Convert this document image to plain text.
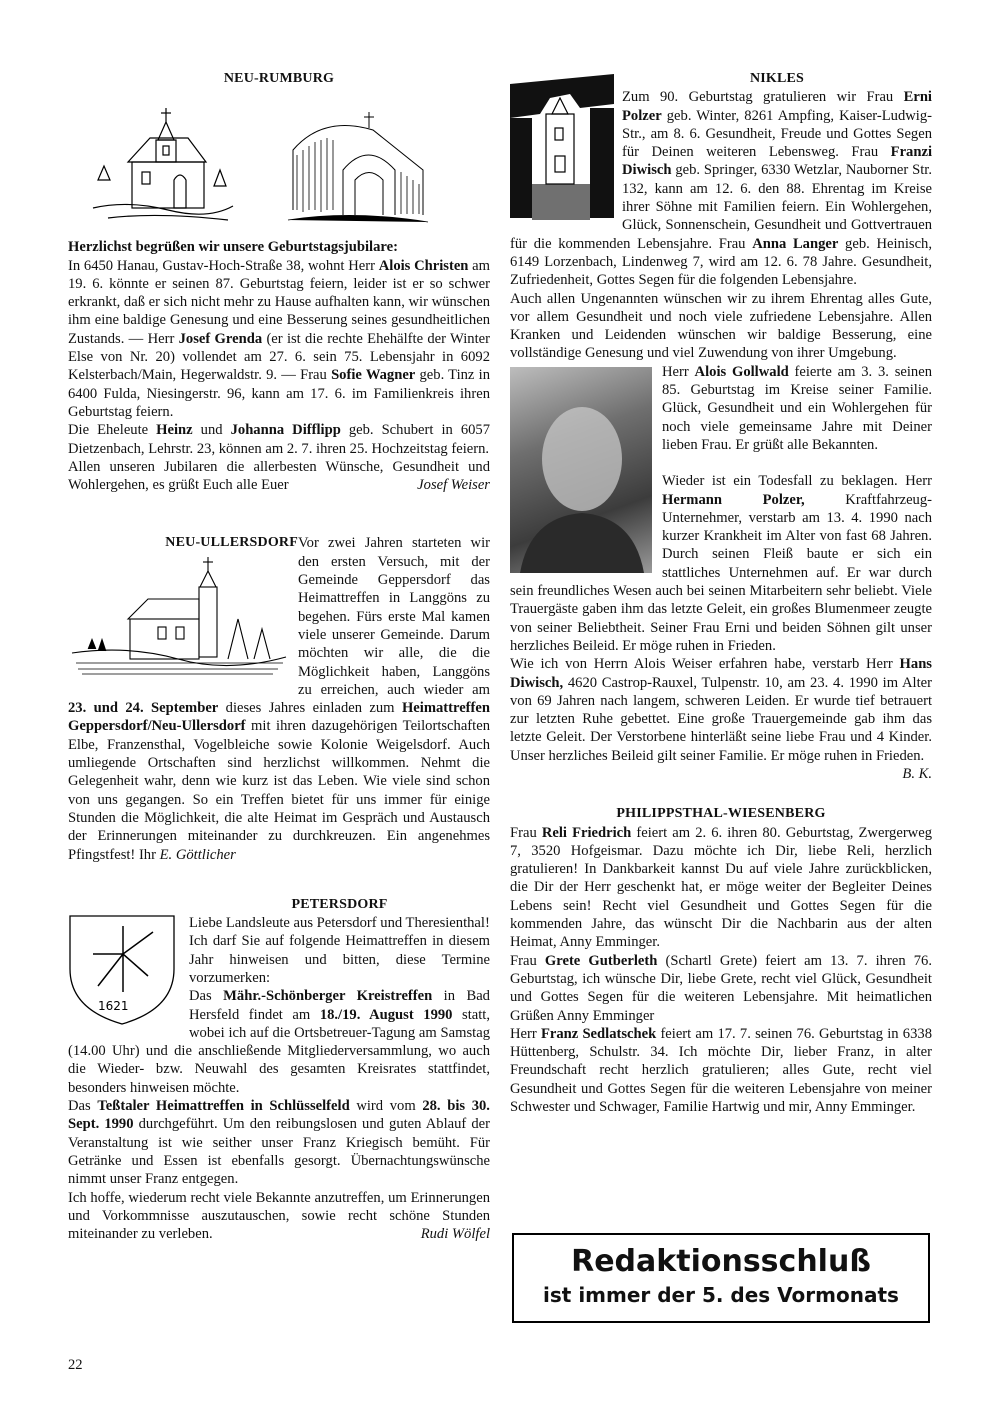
NEU-RUMBURG
Herzlichst begrüßen wir unsere Geburtstagsjubilare:

In 6450 Hanau, Gustav-Hoch-Straße 38, wohnt Herr Alois Christen am 19. 6. könnte er seinen 87. Geburtstag feiern, leider ist er so schwer erkrankt, daß er sich nicht mehr zu Hause aufhalten kann, wir wünschen ihm eine baldige Genesung und eine Besserung seines gesundheitlichen Zustands. — Herr Josef Grenda (er ist die rechte Ehehälfte der Winter Else von Nr. 20) vollendet am 27. 6. sein 75. Lebensjahr in 6092 Kelsterbach/Main, Hegerwaldstr. 9. — Frau Sofie Wagner geb. Tinz in 6400 Fulda, Niesingerstr. 96, kann am 17. 6. im Familienkreis ihren Geburtstag feiern.

Die Eheleute Heinz und Johanna Difflipp geb. Schubert in 6057 Dietzenbach, Lehrstr. 23, können am 2. 7. ihren 25. Hochzeitstag feiern.

Allen unseren Jubilaren die allerbesten Wünsche, Gesundheit und Wohlergehen, es grüßt Euch alle Euer	Josef Weiser

NEU-ULLERSDORF Vor zwei Jahren starteten wir den ersten Versuch, mit der Gemeinde Geppersdorf das Heimattreffen in Langgöns zu begehen. Fürs erste Mal kamen viele unserer Gemeinde. Darum möchten wir alle, die die Möglichkeit haben, Langgöns zu erreichen, auch wieder am 23. und 24. September dieses Jahres einladen zum Heimattreffen Geppersdorf/Neu-Ullersdorf mit ihren dazugehörigen Teilortschaften Elbe, Franzensthal, Vogelbleiche sowie Kolonie Weigelsdorf. Auch umliegende Ortschaften sind herzlichst willkommen. Nehmt die Gelegenheit wahr, denn wie kurz ist das Leben. Wie viele sind schon von uns gegangen. So ein Treffen bietet für uns immer für einige Stunden die Möglichkeit, die alte Heimat im Gespräch und Austausch der Erinnerungen miteinander zu durchkreuzen. Ein angenehmes Pfingstfest! Ihr E. Göttlicher

1621
PETERSDORF

Liebe Landsleute aus Petersdorf und Theresienthal!

Ich darf Sie auf folgende Heimattreffen in diesem Jahr hinweisen und bitten, diese Termine vorzumerken:

Das Mähr.-Schönberger Kreistreffen in Bad Hersfeld findet am 18./19. August 1990 statt, wobei ich auf die Ortsbetreuer-Tagung am Samstag (14.00 Uhr) und die anschließende Mitgliederversammlung, wo auch die Wieder- bzw. Neuwahl des gesamten Kreisrates stattfindet, besonders hinweisen möchte.

Das Teßtaler Heimattreffen in Schlüsselfeld wird vom 28. bis 30. Sept. 1990 durchgeführt. Um den reibungslosen und guten Ablauf der Veranstaltung ist wie seither unser Franz Kriegisch bemüht. Für Getränke und Essen ist ebenfalls gesorgt. Übernachtungswünsche nimmt unser Franz entgegen.

Ich hoffe, wiederum recht viele Bekannte anzutreffen, um Erinnerungen und Vorkommnisse auszutauschen, sowie recht schöne Stunden miteinander zu verleben.	Rudi Wölfel

NIKLES

Zum 90. Geburtstag gratulieren wir Frau Erni Polzer geb. Winter, 8261 Ampfing, Kaiser-Ludwig-Str., am 8. 6. Gesundheit, Freude und Gottes Segen für Deinen weiteren Lebensweg. Frau Franzi Diwisch geb. Springer, 6330 Wetzlar, Nauborner Str. 132, kann am 12. 6. den 88. Ehrentag im Kreise ihrer Söhne mit Familien feiern. Ein Wohlergehen, Glück, Sonnenschein, Gesundheit und Gottvertrauen für die kommenden Lebensjahre. Frau Anna Langer geb. Heinisch, 6149 Lorzenbach, Lindenweg 7, wird am 12. 6. 78 Jahre. Gesundheit, Zufriedenheit, Gottes Segen für die folgenden Lebensjahre.

Auch allen Ungenannten wünschen wir zu ihrem Ehrentag alles Gute, vor allem Gesundheit und noch viele zufriedene Lebensjahre. Allen Kranken und Leidenden wünschen wir baldige Besserung, eine vollständige Genesung und viel Zuwendung von ihrer Umgebung.

Herr Alois Gollwald feierte am 3. 3. seinen 85. Geburtstag im Kreise seiner Familie. Glück, Gesundheit und ein Wohlergehen für noch viele gemeinsame Jahre mit Deiner lieben Frau. Er grüßt alle Bekannten.

Wieder ist ein Todesfall zu beklagen. Herr Hermann Polzer, Kraftfahrzeug-Unternehmer, verstarb am 13. 4. 1990 nach kurzer Krankheit im Alter von fast 68 Jahren. Durch seinen Fleiß baute er sich ein stattliches Unternehmen auf. Er war durch sein freundliches Wesen auch bei seinen Mitarbeitern sehr beliebt. Viele Trauergäste gaben ihm das letzte Geleit, ein großes Blumenmeer zeugte von seiner Beliebtheit. Seiner Frau Erni und beiden Söhnen gilt unser herzliches Beileid. Er möge ruhen in Frieden.

Wie ich von Herrn Alois Weiser erfahren habe, verstarb Herr Hans Diwisch, 4620 Castrop-Rauxel, Tulpenstr. 10, am 23. 4. 1990 im Alter von 69 Jahren nach langem, schweren Leiden. Er wurde tief betrauert zur letzten Ruhe gebettet. Eine große Trauergemeinde gab ihm das letzte Geleit. Der Verstorbene hinterläßt seine liebe Frau und 4 Kinder. Unser herzliches Beileid gilt seiner Familie. Er möge ruhen in Frieden.
B. K.

PHILIPPSTHAL-WIESENBERG

Frau Reli Friedrich feiert am 2. 6. ihren 80. Geburtstag, Zwergerweg 7, 3520 Hofgeismar. Dazu möchte ich Dir, liebe Reli, herzlich gratulieren! In Dankbarkeit kannst Du auf viele Jahre zurückblicken, die Dir der Herr geschenkt hat, er möge weiter der Begleiter Deines Lebens sein! Recht viel Gesundheit und Gottes Segen für die kommenden Jahre, das wünscht Dir die Nachbarin aus der alten Heimat, Anny Emminger.

Frau Grete Gutberleth (Schartl Grete) feiert am 13. 7. ihren 76. Geburtstag, ich wünsche Dir, liebe Grete, recht viel Glück, Gesundheit und Gottes Segen für die weiteren Lebensjahre. Mit heimatlichen Grüßen Anny Emminger

Herr Franz Sedlatschek feiert am 17. 7. seinen 76. Geburtstag in 6338 Hüttenberg, Schulstr. 34. Ich möchte Dir, lieber Franz, in alter Freundschaft recht herzlich gratulieren; alles Gute, recht viel Gesundheit und Gottes Segen für die weiteren Lebensjahre von meiner Schwester und Schwager, Familie Hartwig und mir, Anny Emminger.

Redaktionsschluß
ist immer der 5. des Vormonats
22
